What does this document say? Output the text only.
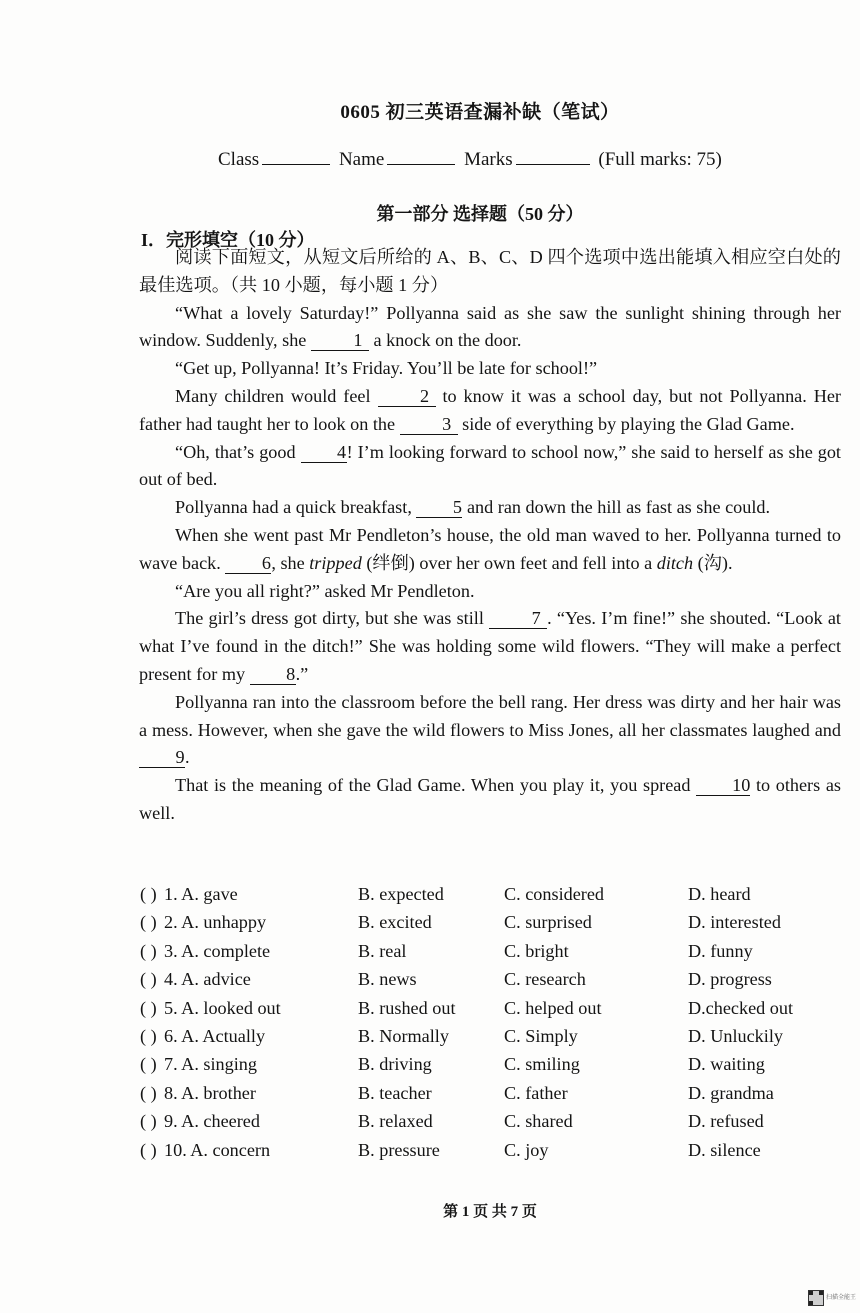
0605 初三英语查漏补缺（笔试）
Class	Name	Marks	(Full marks: 75)
第一部分 选择题（50 分）
I．完形填空（10 分）

阅读下面短文，从短文后所给的 A、B、C、D 四个选项中选出能填入相应空白处的最佳选项。（共 10 小题，每小题 1 分）

“What a lovely Saturday!” Pollyanna said as she saw the sunlight shining through her window. Suddenly, she 1 a knock on the door.

“Get up, Pollyanna! It’s Friday. You’ll be late for school!”

Many children would feel 2 to know it was a school day, but not Pollyanna. Her father had taught her to look on the 3 side of everything by playing the Glad Game.

“Oh, that’s good 4! I’m looking forward to school now,” she said to herself as she got out of bed.

Pollyanna had a quick breakfast, 5 and ran down the hill as fast as she could.

When she went past Mr Pendleton’s house, the old man waved to her. Pollyanna turned to wave back. 6, she tripped (绊倒) over her own feet and fell into a ditch (沟).

“Are you all right?” asked Mr Pendleton.

The girl’s dress got dirty, but she was still 7 . “Yes. I’m fine!” she shouted. “Look at what I’ve found in the ditch!” She was holding some wild flowers. “They will make a perfect present for my 8.”

Pollyanna ran into the classroom before the bell rang. Her dress was dirty and her hair was a mess. However, when she gave the wild flowers to Miss Jones, all her classmates laughed and 9.

That is the meaning of the Glad Game. When you play it, you spread 10 to others as well.

( ) 1. A. gave	B. expected	C. considered	D. heard
( ) 2. A. unhappy	B. excited	C. surprised	D. interested
( ) 3. A. complete	B. real	C. bright	D. funny
( ) 4. A. advice	B. news	C. research	D. progress
( ) 5. A. looked out	B. rushed out	C. helped out	D.checked out
( ) 6. A. Actually	B. Normally	C. Simply	D. Unluckily
( ) 7. A. singing	B. driving	C. smiling	D. waiting
( ) 8. A. brother	B. teacher	C. father	D. grandma
( ) 9. A. cheered	B. relaxed	C. shared	D. refused
( ) 10. A. concern	B. pressure	C. joy	D. silence
第 1 页 共 7 页
扫描全能王
